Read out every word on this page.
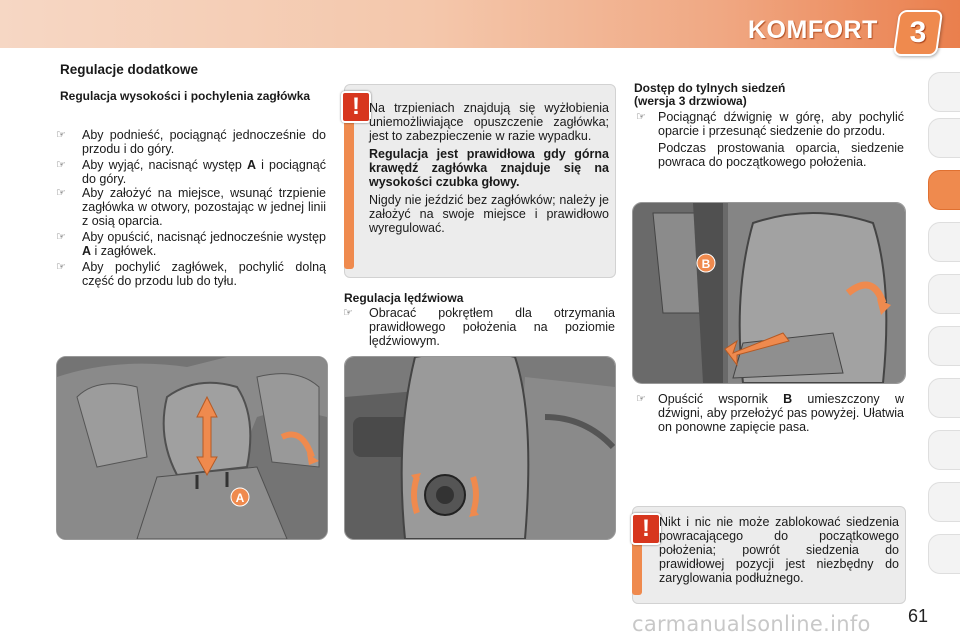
KOMFORT	3
Regulacje dodatkowe
Regulacja wysokości i pochylenia zagłówka
☞ Aby podnieść, pociągnąć jednocześnie do przodu i do góry.

☞ Aby wyjąć, nacisnąć występ A i pociągnąć do góry.

☞ Aby założyć na miejsce, wsunąć trzpienie zagłówka w otwory, pozostając w jednej linii z osią oparcia.

☞ Aby opuścić, nacisnąć jednocześnie występ A i zagłówek.

☞ Aby pochylić zagłówek, pochylić dolną część do przodu lub do tyłu.

A
! Na trzpieniach znajdują się wyżłobienia uniemożliwiające opuszczenie zagłówka; jest to zabezpieczenie w razie wypadku.

Regulacja jest prawidłowa gdy górna krawędź zagłówka znajduje się na wysokości czubka głowy.

Nigdy nie jeździć bez zagłówków; należy je założyć na swoje miejsce i prawidłowo wyregulować.

Regulacja lędźwiowa
☞ Obracać pokrętłem dla otrzymania prawidłowego położenia na poziomie lędźwiowym.

Dostęp do tylnych siedzeń
(wersja 3 drzwiowa)
☞ Pociągnąć dźwignię w górę, aby pochylić oparcie i przesunąć siedzenie do przodu.

Podczas prostowania oparcia, siedzenie powraca do początkowego położenia.

B
☞ Opuścić wspornik B umieszczony w dźwigni, aby przełożyć pas powyżej. Ułatwia on ponowne zapięcie pasa.

! Nikt i nic nie może zablokować siedzenia powracającego do początkowego położenia; powrót siedzenia do prawidłowej pozycji jest niezbędny do zaryglowania podłużnego.

61
carmanualsonline.info
